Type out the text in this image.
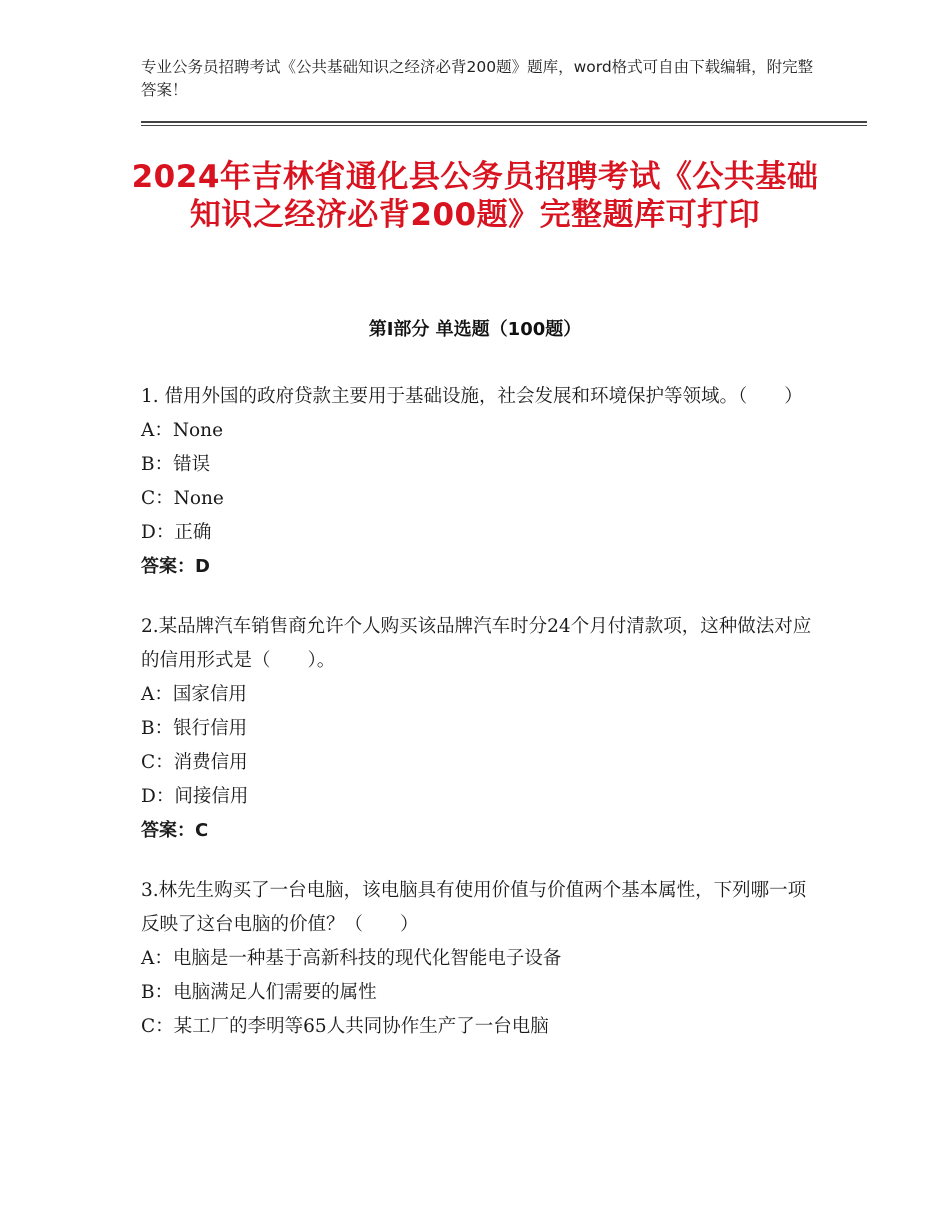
专业公务员招聘考试《公共基础知识之经济必背200题》题库，word格式可自由下载编辑，附完整答案！
2024年吉林省通化县公务员招聘考试《公共基础知识之经济必背200题》完整题库可打印
第Ⅰ部分 单选题（100题）

1. 借用外国的政府贷款主要用于基础设施，社会发展和环境保护等领域。（　　）

A：None

B：错误

C：None

D：正确

答案：D

2.某品牌汽车销售商允许个人购买该品牌汽车时分24个月付清款项，这种做法对应的信用形式是（　　）。

A：国家信用

B：银行信用

C：消费信用

D：间接信用

答案：C

3.林先生购买了一台电脑，该电脑具有使用价值与价值两个基本属性，下列哪一项反映了这台电脑的价值？（　　）

A：电脑是一种基于高新科技的现代化智能电子设备

B：电脑满足人们需要的属性

C：某工厂的李明等65人共同协作生产了一台电脑
